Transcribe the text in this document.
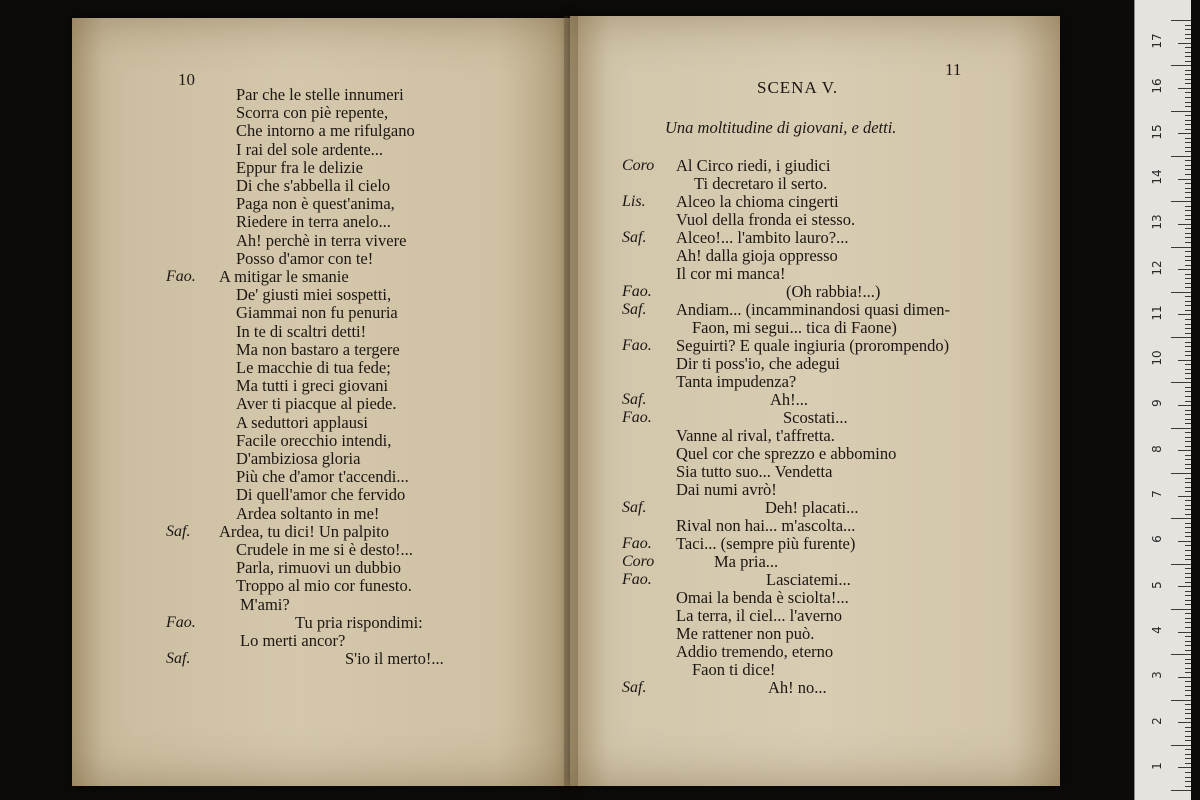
10
Par che le stelle innumeri
Scorra con piè repente,
Che intorno a me rifulgano
I rai del sole ardente...
Eppur fra le delizie
Di che s'abbella il cielo
Paga non è quest'anima,
Riedere in terra anelo...
Ah! perchè in terra vivere
Posso d'amor con te!
Fao. A mitigar le smanie
De' giusti miei sospetti,
Giammai non fu penuria
In te di scaltri detti!
Ma non bastaro a tergere
Le macchie di tua fede;
Ma tutti i greci giovani
Aver ti piacque al piede.
A seduttori applausi
Facile orecchio intendi,
D'ambiziosa gloria
Più che d'amor t'accendi...
Di quell'amor che fervido
Ardea soltanto in me!
Saf. Ardea, tu dici! Un palpito
Crudele in me si è desto!...
Parla, rimuovi un dubbio
Troppo al mio cor funesto.
M'ami?
Fao.	Tu pria rispondimi:
Lo merti ancor?
Saf.	S'io il merto!...
11
SCENA V.
Una moltitudine di giovani, e detti.
Coro Al Circo riedi, i giudici
Ti decretaro il serto.
Lis. Alceo la chioma cingerti
Vuol della fronda ei stesso.
Saf. Alceo!... l'ambito lauro?...
Ah! dalla gioja oppresso
Il cor mi manca!
Fao.	(Oh rabbia!...)
Saf. Andiam... (incamminandosi quasi dimen-
Faon, mi segui... tica di Faone)
Fao. Seguirti? E quale ingiuria (prorompendo)
Dir ti poss'io, che adegui
Tanta impudenza?
Saf.	Ah!...
Fao.	Scostati...
Vanne al rival, t'affretta.
Quel cor che sprezzo e abbomino
Sia tutto suo... Vendetta
Dai numi avrò!
Saf.	Deh! placati...
Rival non hai... m'ascolta...
Fao. Taci... (sempre più furente)
Coro	Ma pria...
Fao.	Lasciatemi...
Omai la benda è sciolta!...
La terra, il ciel... l'averno
Me rattener non può.
Addio tremendo, eterno
Faon ti dice!
Saf.	Ah! no...
17
16
15
14
13
12
11
10
9
8
7
6
5
4
3
2
1
